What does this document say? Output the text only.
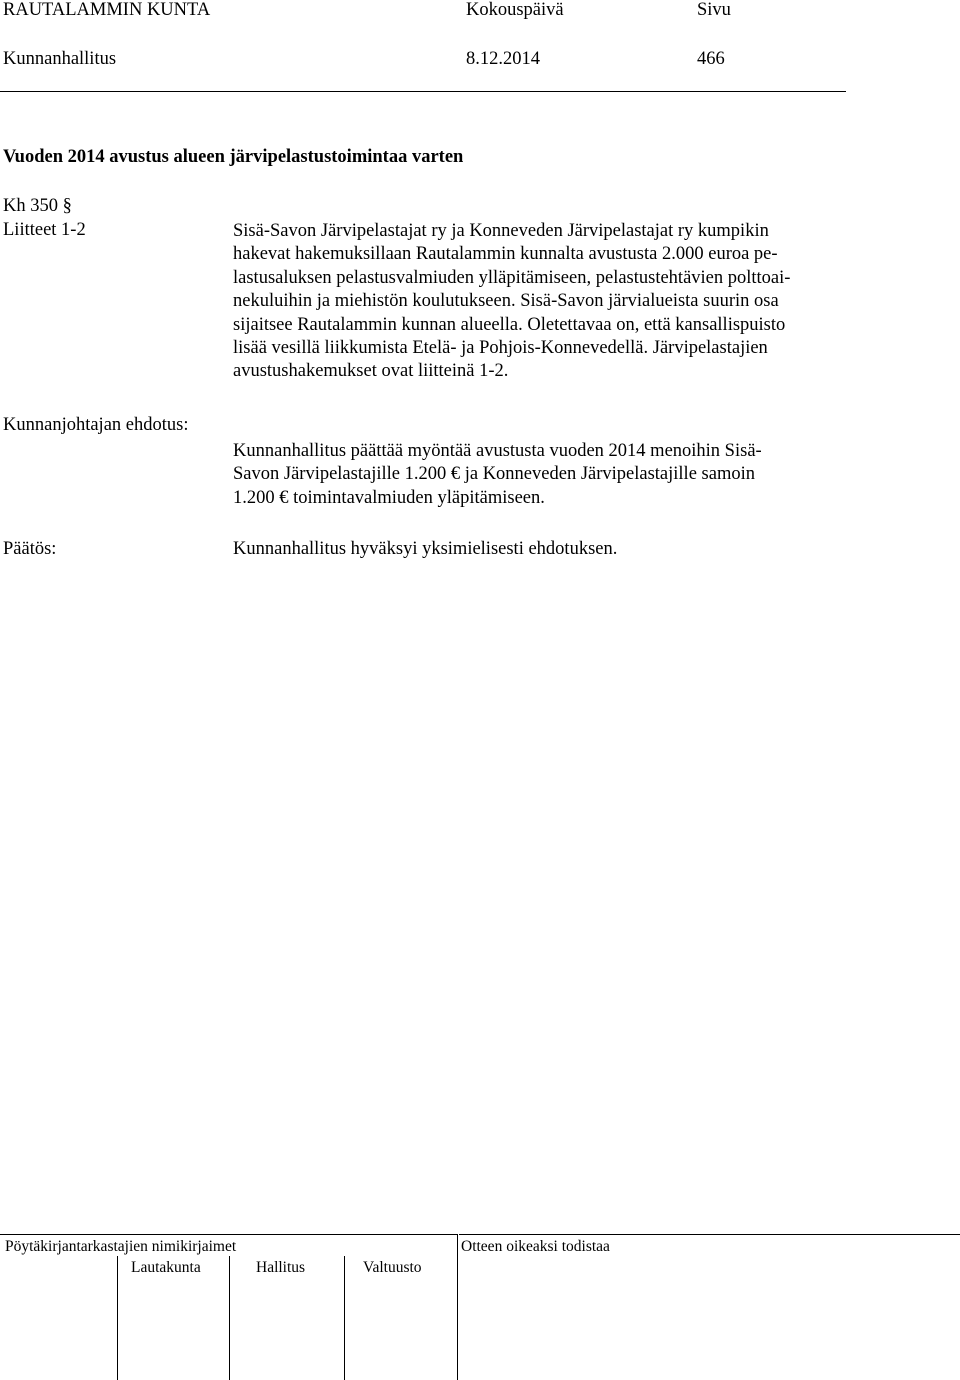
RAUTALAMMIN KUNTA	Kokouspäivä	Sivu
Kunnanhallitus	8.12.2014	466
Vuoden 2014 avustus alueen järvipelastustoimintaa varten
Kh 350 §
Liitteet 1-2	Sisä-Savon Järvipelastajat ry ja Konneveden Järvipelastajat ry kumpikin
hakevat hakemuksillaan Rautalammin kunnalta avustusta 2.000 euroa pe-
lastusaluksen pelastusvalmiuden ylläpitämiseen, pelastustehtävien polttoai-
nekuluihin ja miehistön koulutukseen. Sisä-Savon järvialueista suurin osa
sijaitsee Rautalammin kunnan alueella. Oletettavaa on, että kansallispuisto
lisää vesillä liikkumista Etelä- ja Pohjois-Konnevedellä. Järvipelastajien
avustushakemukset ovat liitteinä 1-2.
Kunnanjohtajan ehdotus:
Kunnanhallitus päättää myöntää avustusta vuoden 2014 menoihin Sisä-
Savon Järvipelastajille 1.200 € ja Konneveden Järvipelastajille samoin
1.200 € toimintavalmiuden yläpitämiseen.
Päätös:	Kunnanhallitus hyväksyi yksimielisesti ehdotuksen.
Pöytäkirjantarkastajien nimikirjaimet
Lautakunta	Hallitus	Valtuusto
Otteen oikeaksi todistaa
